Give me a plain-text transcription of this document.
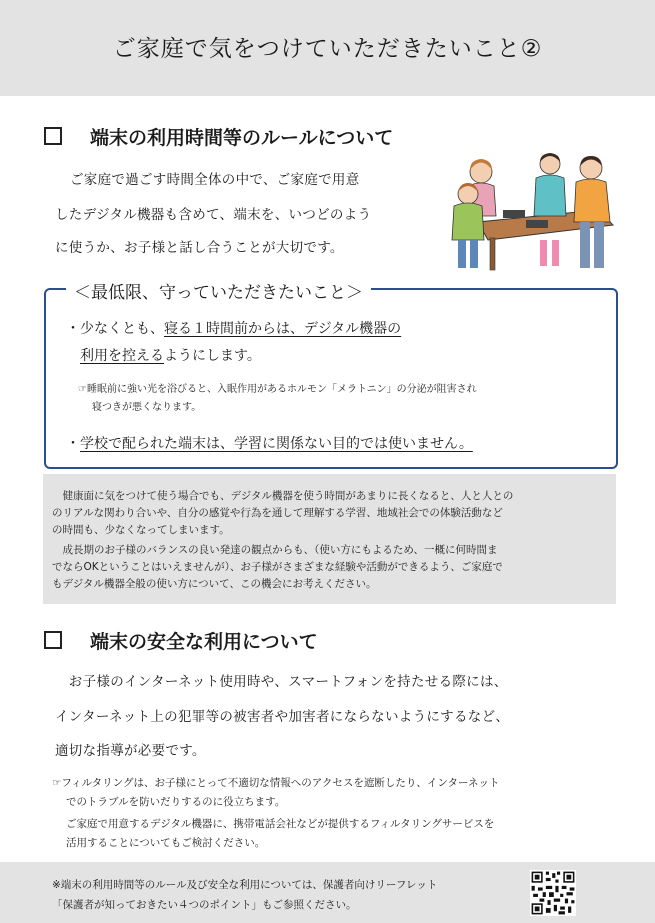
ご家庭で気をつけていただきたいこと②
端末の利用時間等のルールについて
ご家庭で過ごす時間全体の中で、ご家庭で用意
したデジタル機器も含めて、端末を、いつどのよう
に使うか、お子様と話し合うことが大切です。
＜最低限、守っていただきたいこと＞
・少なくとも、寝る１時間前からは、デジタル機器の
利用を控えるようにします。
☞睡眠前に強い光を浴びると、入眠作用があるホルモン「メラトニン」の分泌が阻害され
寝つきが悪くなります。
・学校で配られた端末は、学習に関係ない目的では使いません。
　健康面に気をつけて使う場合でも、デジタル機器を使う時間があまりに長くなると、人と人との
のリアルな関わり合いや、自分の感覚や行為を通して理解する学習、地域社会での体験活動など
の時間も、少なくなってしまいます。
　成長期のお子様のバランスの良い発達の観点からも、（使い方にもよるため、一概に何時間ま
でならOKということはいえませんが）、お子様がさまざまな経験や活動ができるよう、ご家庭で
もデジタル機器全般の使い方について、この機会にお考えください。
端末の安全な利用について
　お子様のインターネット使用時や、スマートフォンを持たせる際には、
インターネット上の犯罪等の被害者や加害者にならないようにするなど、
適切な指導が必要です。
☞フィルタリングは、お子様にとって不適切な情報へのアクセスを遮断したり、インターネット
でのトラブルを防いだりするのに役立ちます。
ご家庭で用意するデジタル機器に、携帯電話会社などが提供するフィルタリングサービスを
活用することについてもご検討ください。
※端末の利用時間等のルール及び安全な利用については、保護者向けリーフレット
「保護者が知っておきたい４つのポイント」もご参照ください。
